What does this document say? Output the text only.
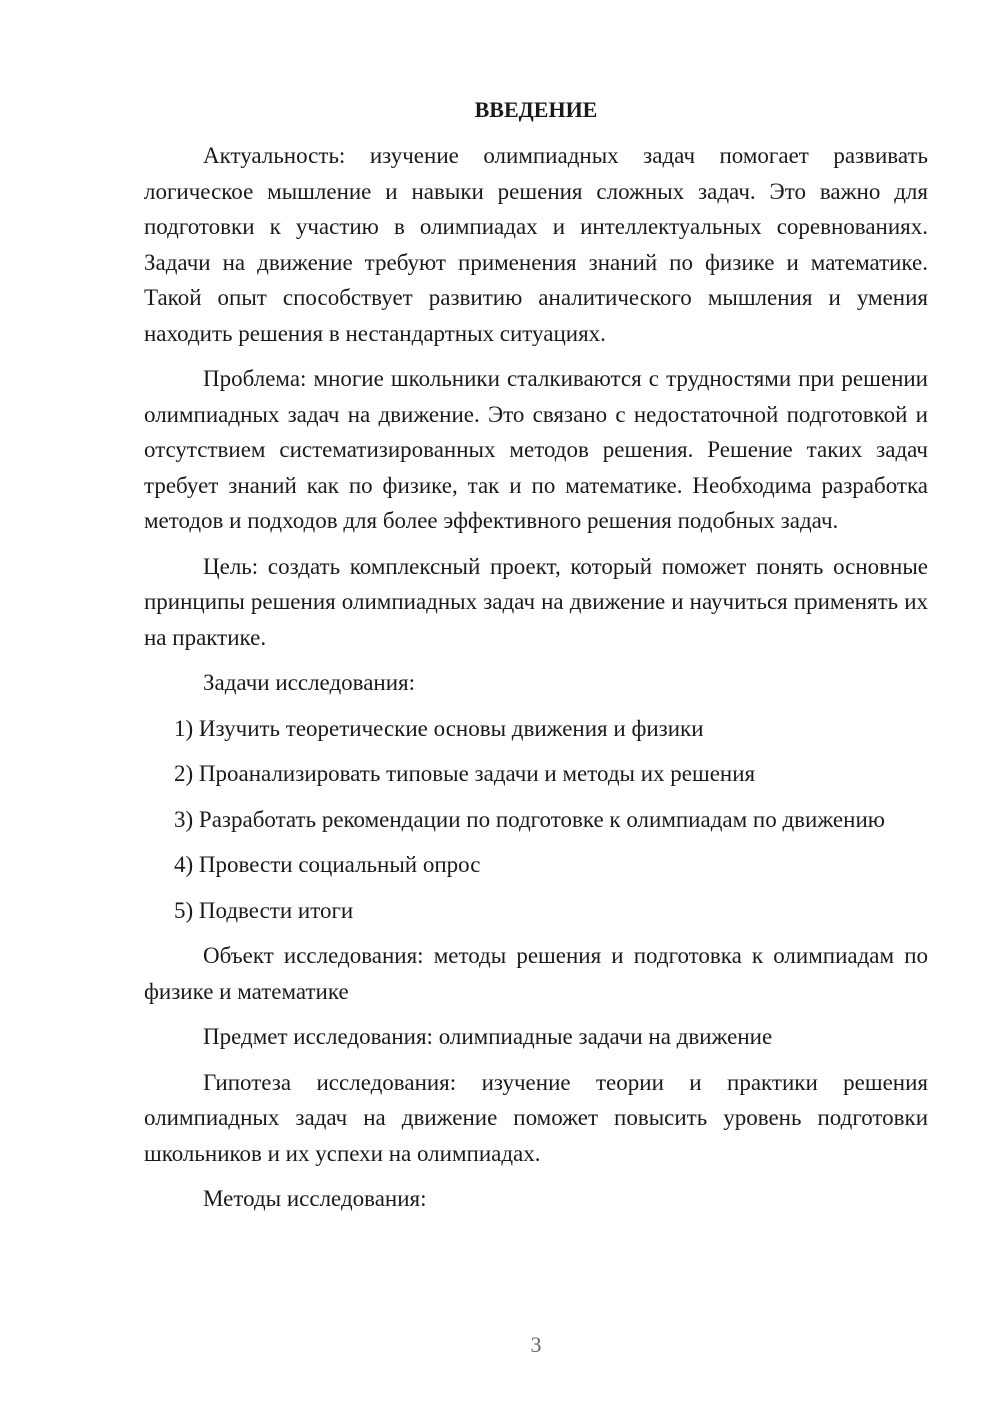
ВВЕДЕНИЕ

Актуальность: изучение олимпиадных задач помогает развивать логическое мышление и навыки решения сложных задач. Это важно для подготовки к участию в олимпиадах и интеллектуальных соревнованиях. Задачи на движение требуют применения знаний по физике и математике. Такой опыт способствует развитию аналитического мышления и умения находить решения в нестандартных ситуациях.

Проблема: многие школьники сталкиваются с трудностями при решении олимпиадных задач на движение. Это связано с недостаточной подготовкой и отсутствием систематизированных методов решения. Решение таких задач требует знаний как по физике, так и по математике. Необходима разработка методов и подходов для более эффективного решения подобных задач.

Цель: создать комплексный проект, который поможет понять основные принципы решения олимпиадных задач на движение и научиться применять их на практике.

Задачи исследования:

1) Изучить теоретические основы движения и физики

2) Проанализировать типовые задачи и методы их решения

3) Разработать рекомендации по подготовке к олимпиадам по движению

4) Провести социальный опрос

5) Подвести итоги

Объект исследования: методы решения и подготовка к олимпиадам по физике и математике

Предмет исследования: олимпиадные задачи на движение

Гипотеза исследования: изучение теории и практики решения олимпиадных задач на движение поможет повысить уровень подготовки школьников и их успехи на олимпиадах.

Методы исследования:

3
